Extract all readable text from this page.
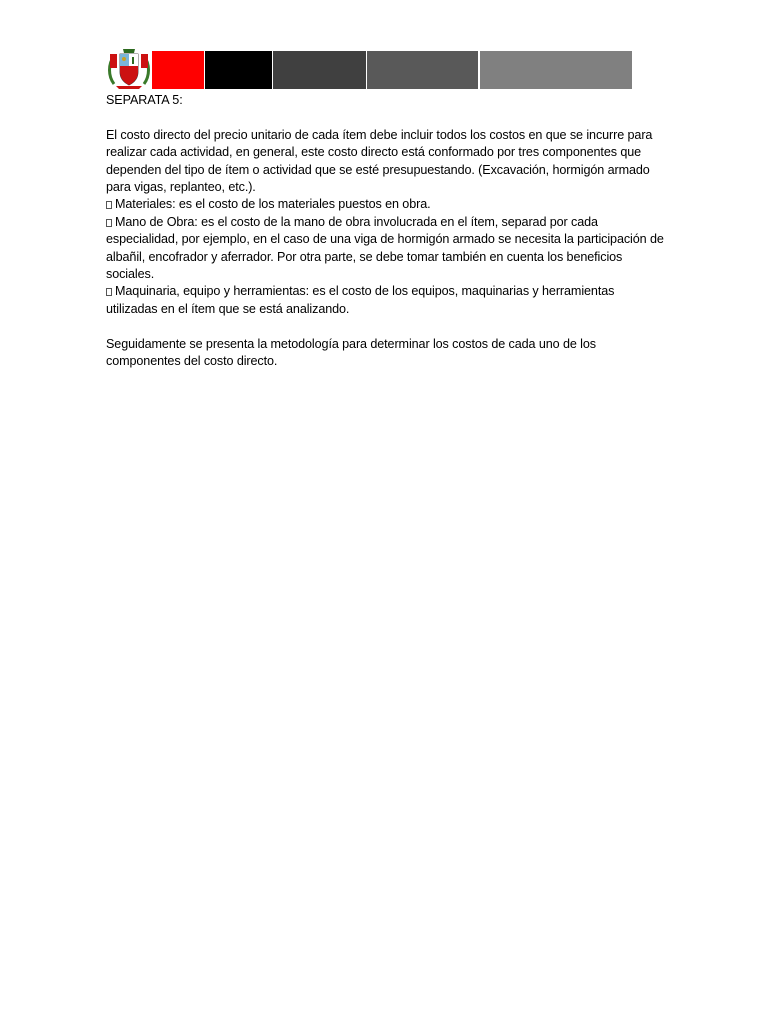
SEPARATA 5:

El costo directo del precio unitario de cada ítem debe incluir todos los costos en que se incurre para realizar cada actividad, en general, este costo directo está conformado por tres componentes que dependen del tipo de ítem o actividad que se esté presupuestando. (Excavación, hormigón armado para vigas, replanteo, etc.).

Materiales: es el costo de los materiales puestos en obra.

Mano de Obra: es el costo de la mano de obra involucrada en el ítem, separad por cada especialidad, por ejemplo, en el caso de una viga de hormigón armado se necesita la participación de albañil, encofrador y aferrador. Por otra parte, se debe tomar también en cuenta los beneficios sociales.

Maquinaria, equipo y herramientas: es el costo de los equipos, maquinarias y herramientas utilizadas en el ítem que se está analizando.

Seguidamente se presenta la metodología para determinar los costos de cada uno de los componentes del costo directo.
